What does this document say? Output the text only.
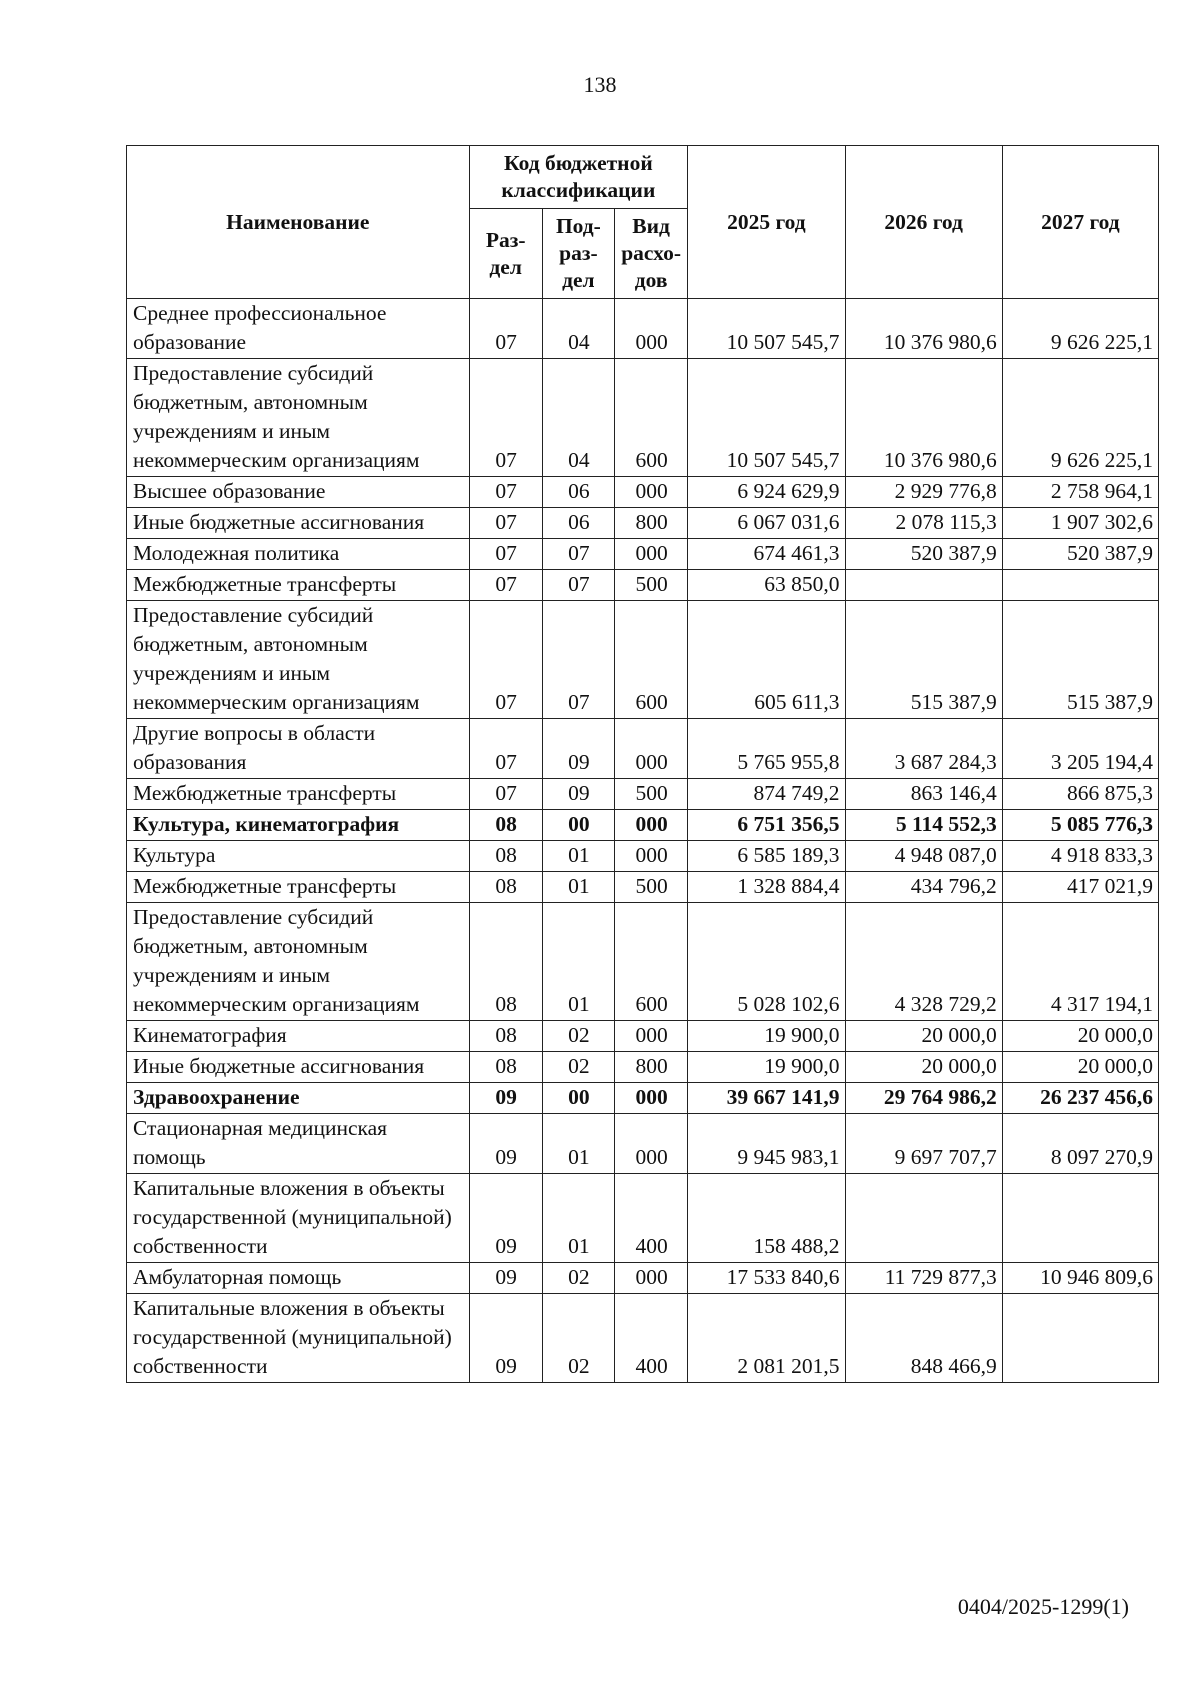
138
Наименование	Код бюджетной классификации			2025 год	2026 год	2027 год
	Раз-дел	Под-раз-дел	Вид расхо-дов			
Среднее профессиональное образование	07	04	000	10 507 545,7	10 376 980,6	9 626 225,1
Предоставление субсидий бюджетным, автономным учреждениям и иным некоммерческим организациям	07	04	600	10 507 545,7	10 376 980,6	9 626 225,1
Высшее образование	07	06	000	6 924 629,9	2 929 776,8	2 758 964,1
Иные бюджетные ассигнования	07	06	800	6 067 031,6	2 078 115,3	1 907 302,6
Молодежная политика	07	07	000	674 461,3	520 387,9	520 387,9
Межбюджетные трансферты	07	07	500	63 850,0		
Предоставление субсидий бюджетным, автономным учреждениям и иным некоммерческим организациям	07	07	600	605 611,3	515 387,9	515 387,9
Другие вопросы в области образования	07	09	000	5 765 955,8	3 687 284,3	3 205 194,4
Межбюджетные трансферты	07	09	500	874 749,2	863 146,4	866 875,3
Культура, кинематография	08	00	000	6 751 356,5	5 114 552,3	5 085 776,3
Культура	08	01	000	6 585 189,3	4 948 087,0	4 918 833,3
Межбюджетные трансферты	08	01	500	1 328 884,4	434 796,2	417 021,9
Предоставление субсидий бюджетным, автономным учреждениям и иным некоммерческим организациям	08	01	600	5 028 102,6	4 328 729,2	4 317 194,1
Кинематография	08	02	000	19 900,0	20 000,0	20 000,0
Иные бюджетные ассигнования	08	02	800	19 900,0	20 000,0	20 000,0
Здравоохранение	09	00	000	39 667 141,9	29 764 986,2	26 237 456,6
Стационарная медицинская помощь	09	01	000	9 945 983,1	9 697 707,7	8 097 270,9
Капитальные вложения в объекты государственной (муниципальной) собственности	09	01	400	158 488,2		
Амбулаторная помощь	09	02	000	17 533 840,6	11 729 877,3	10 946 809,6
Капитальные вложения в объекты государственной (муниципальной) собственности	09	02	400	2 081 201,5	848 466,9	
0404/2025-1299(1)
